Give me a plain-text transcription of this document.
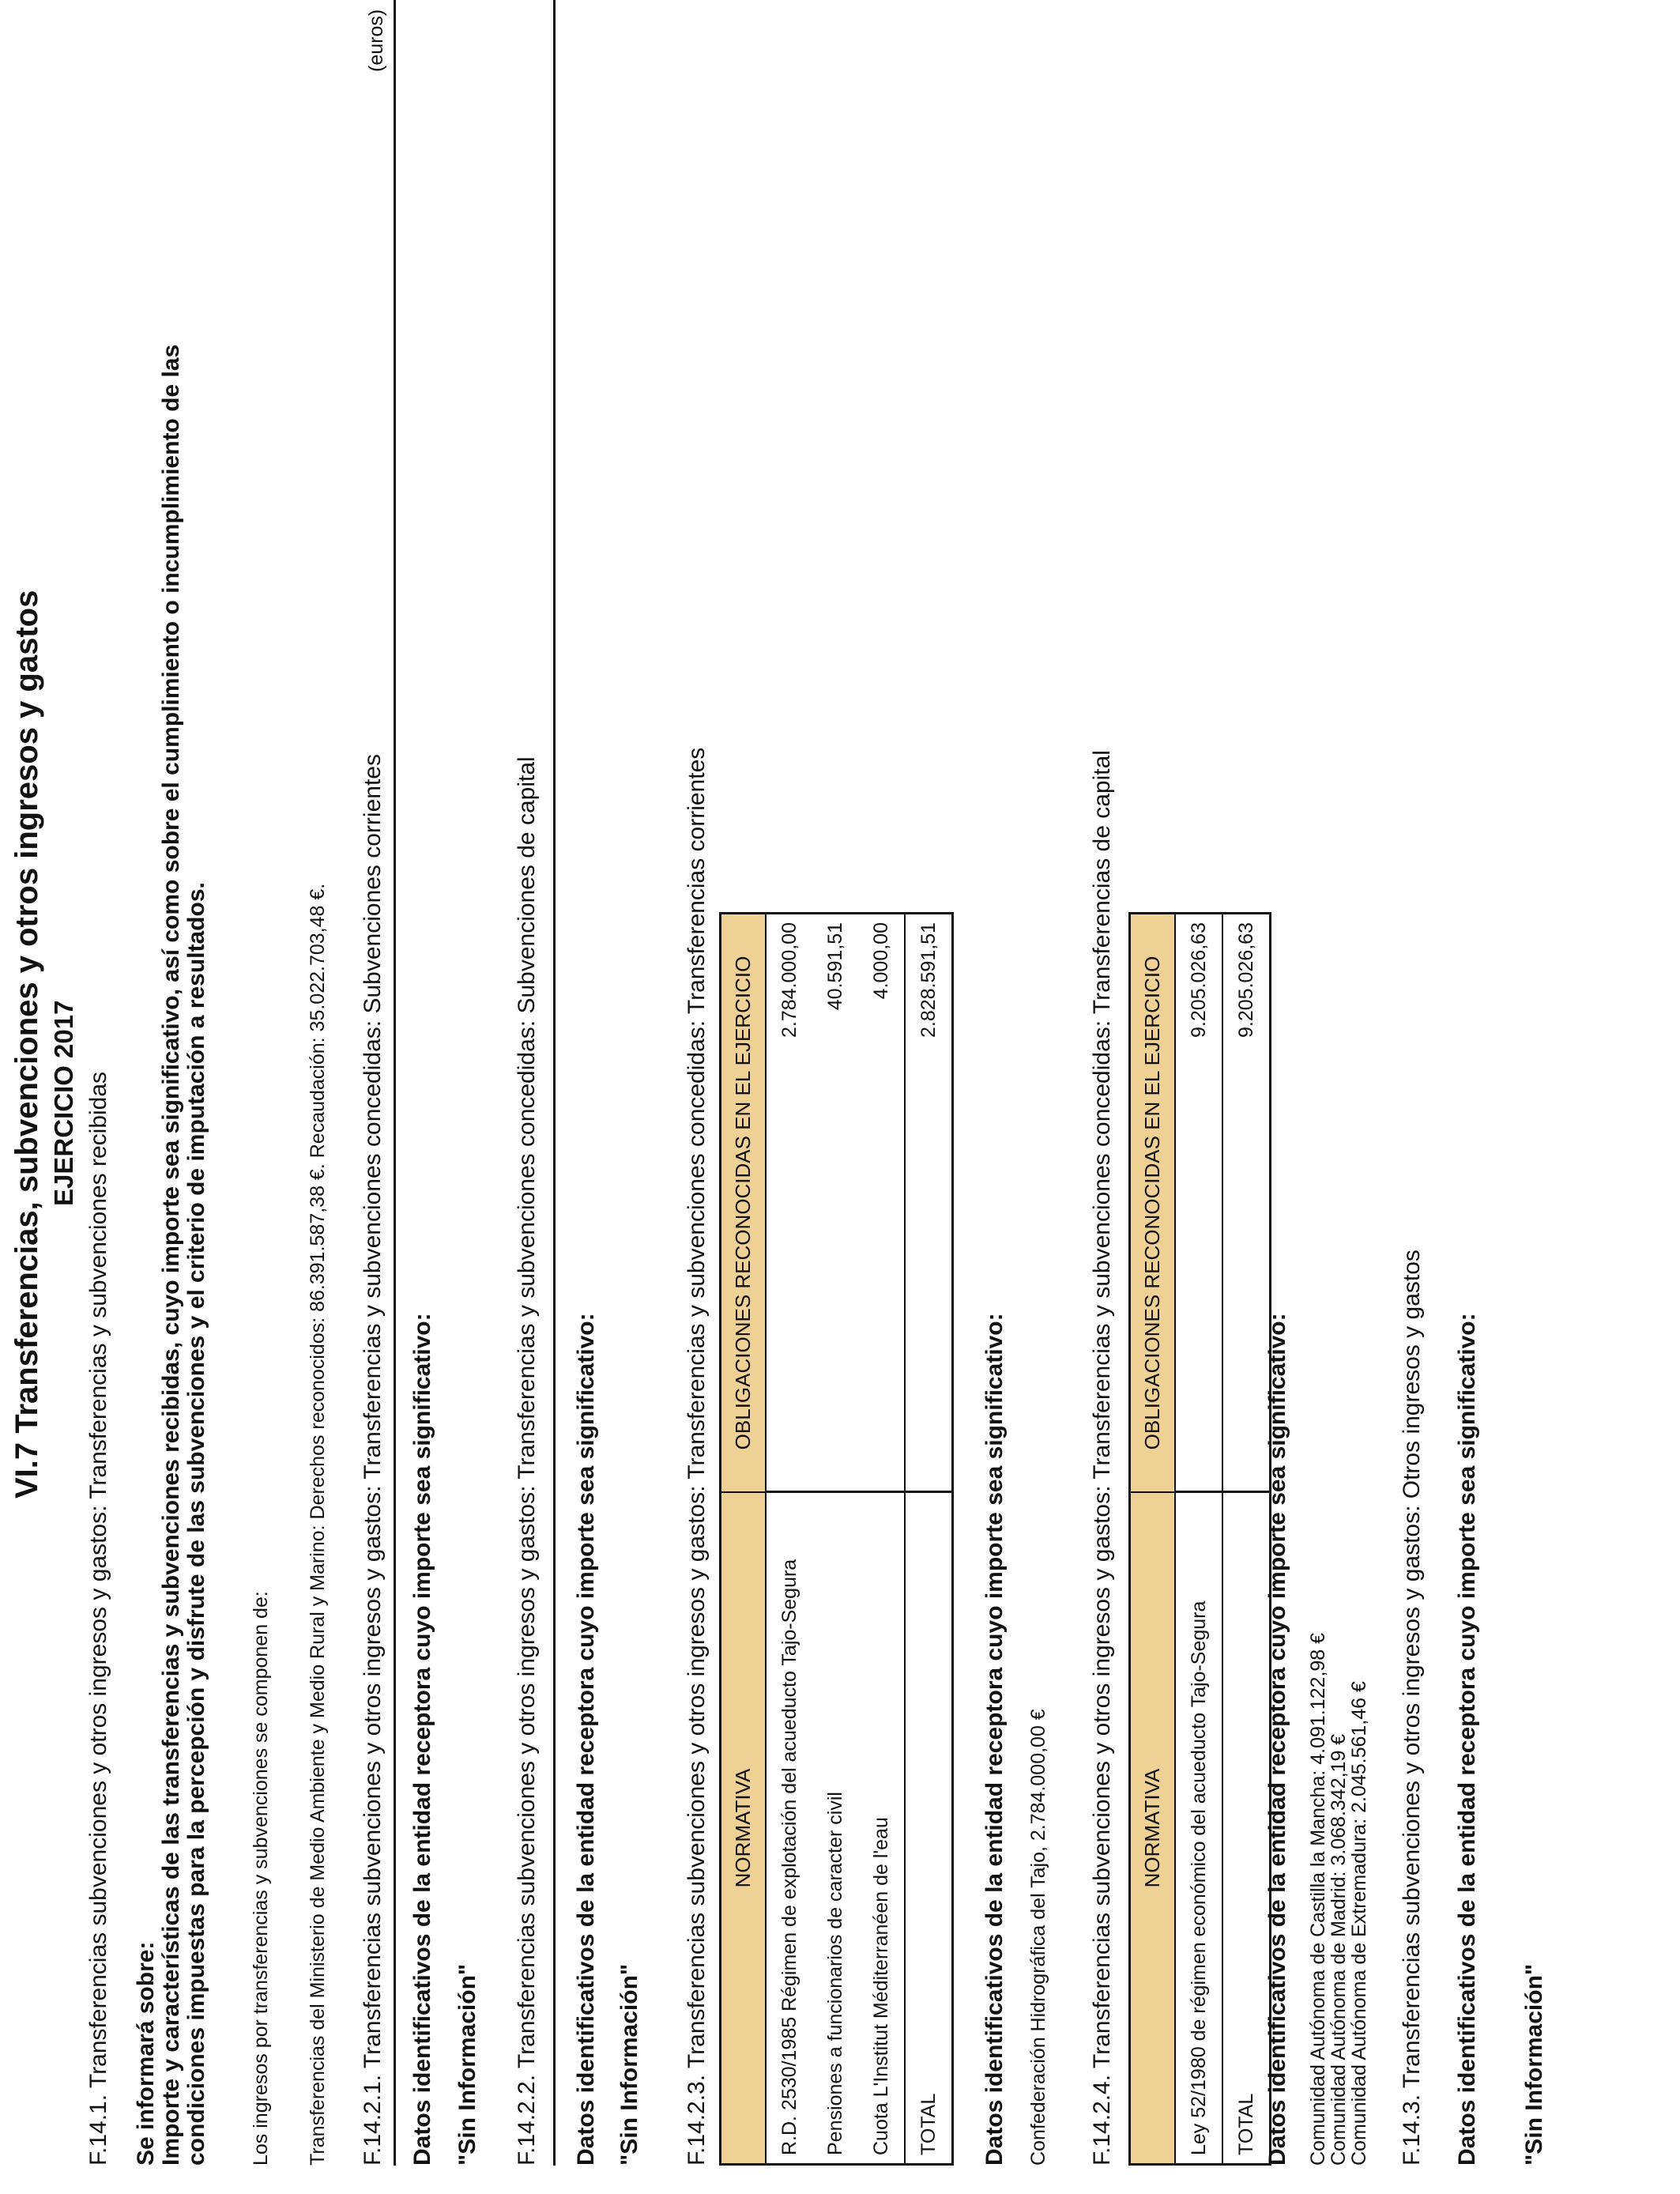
VI.7 Transferencias, subvenciones y otros ingresos y gastos EJERCICIO 2017 F.14.1. Transferencias subvenciones y otros ingresos y gastos: Transferencias y subvenciones recibidas Se informará sobre: Importe y características de las transferencias y subvenciones recibidas, cuyo importe sea significativo, así como sobre el cumplimiento o incumplimiento de las condiciones impuestas para la percepción y disfrute de las subvenciones y el criterio de imputación a resultados. Los ingresos por transferencias y subvenciones se componen de: Transferencias del Ministerio de Medio Ambiente y Medio Rural y Marino: Derechos reconocidos: 86.391.587,38 €. Recaudación: 35.022.703,48 €.
(euros)
F.14.2.1. Transferencias subvenciones y otros ingresos y gastos: Transferencias y subvenciones concedidas: Subvenciones corrientes Datos identificativos de la entidad receptora cuyo importe sea significativo: "Sin Información" F.14.2.2. Transferencias subvenciones y otros ingresos y gastos: Transferencias y subvenciones concedidas: Subvenciones de capital Datos identificativos de la entidad receptora cuyo importe sea significativo: "Sin Información" F.14.2.3. Transferencias subvenciones y otros ingresos y gastos: Transferencias y subvenciones concedidas: Transferencias corrientes NORMATIVA	OBLIGACIONES RECONOCIDAS EN EL EJERCICIO
R.D. 2530/1985 Régimen de explotación del acueducto Tajo-Segura	2.784.000,00
Pensiones a funcionarios de caracter civil	40.591,51
Cuota L'Institut Méditerranéen de l'eau	4.000,00
TOTAL	2.828.591,51
Datos identificativos de la entidad receptora cuyo importe sea significativo: Confederación Hidrográfica del Tajo, 2.784.000,00 € F.14.2.4. Transferencias subvenciones y otros ingresos y gastos: Transferencias y subvenciones concedidas: Transferencias de capital NORMATIVA	OBLIGACIONES RECONOCIDAS EN EL EJERCICIO
Ley 52/1980 de régimen económico del acueducto Tajo-Segura	9.205.026,63
TOTAL	9.205.026,63
Datos identificativos de la entidad receptora cuyo importe sea significativo: Comunidad Autónoma de Castilla la Mancha: 4.091.122,98 €
Comunidad Autónoma de Madrid: 3.068.342,19 €
Comunidad Autónoma de Extremadura: 2.045.561,46 € F.14.3. Transferencias subvenciones y otros ingresos y gastos: Otros ingresos y gastos Datos identificativos de la entidad receptora cuyo importe sea significativo: "Sin Información"
